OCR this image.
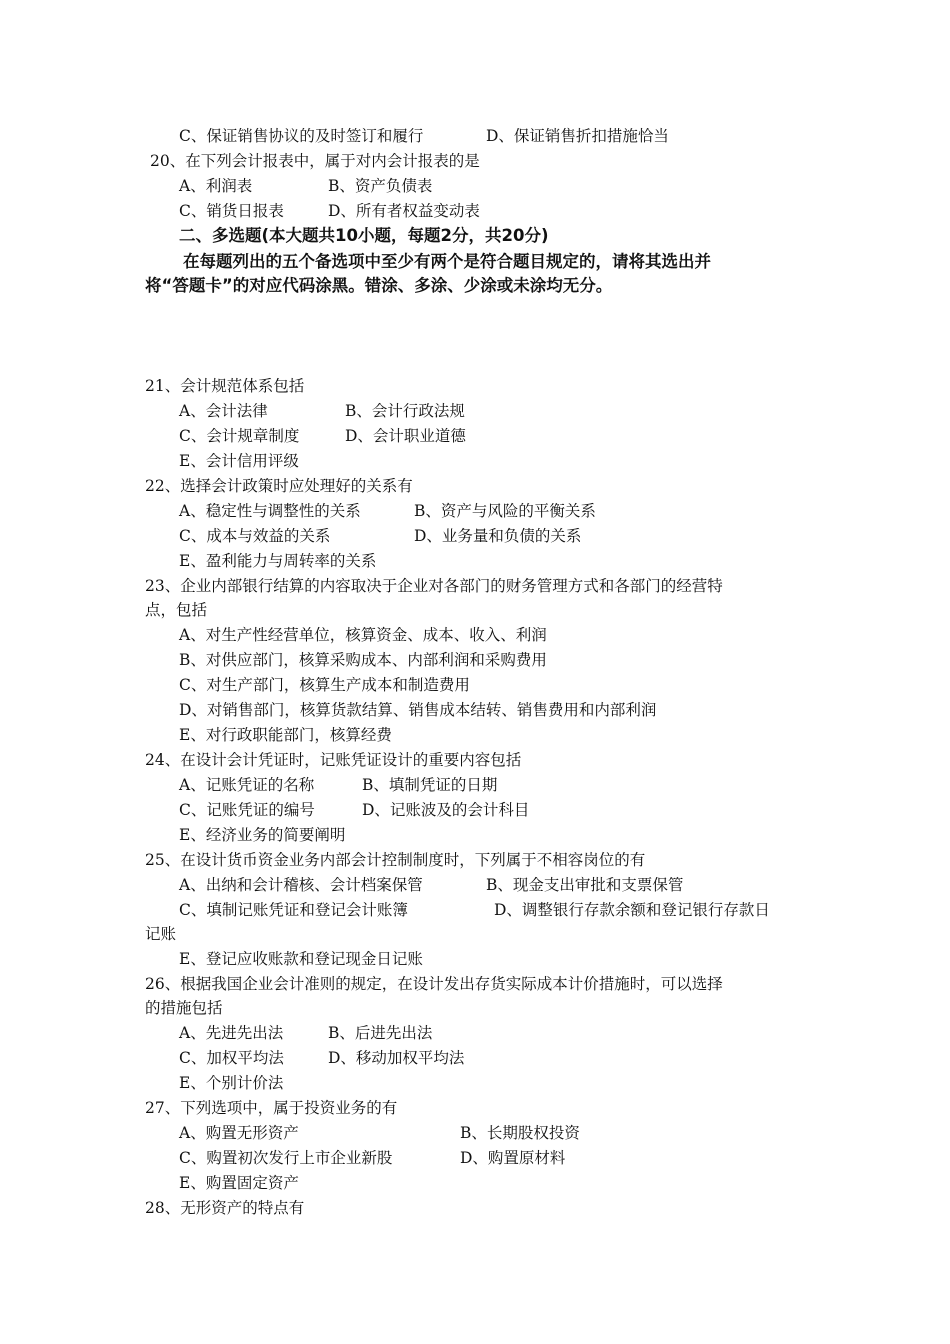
C、保证销售协议的及时签订和履行	D、保证销售折扣措施恰当
20、在下列会计报表中，属于对内会计报表的是
A、利润表	B、资产负债表
C、销货日报表	D、所有者权益变动表
二、多选题(本大题共10小题，每题2分，共20分)
在每题列出的五个备选项中至少有两个是符合题目规定的，请将其选出并
将“答题卡”的对应代码涂黑。错涂、多涂、少涂或未涂均无分。
21、会计规范体系包括
A、会计法律	B、会计行政法规
C、会计规章制度	D、会计职业道德
E、会计信用评级
22、选择会计政策时应处理好的关系有
A、稳定性与调整性的关系	B、资产与风险的平衡关系
C、成本与效益的关系	D、业务量和负债的关系
E、盈利能力与周转率的关系
23、企业内部银行结算的内容取决于企业对各部门的财务管理方式和各部门的经营特
点，包括
A、对生产性经营单位，核算资金、成本、收入、利润
B、对供应部门，核算采购成本、内部利润和采购费用
C、对生产部门，核算生产成本和制造费用
D、对销售部门，核算货款结算、销售成本结转、销售费用和内部利润
E、对行政职能部门，核算经费
24、在设计会计凭证时，记账凭证设计的重要内容包括
A、记账凭证的名称	B、填制凭证的日期
C、记账凭证的编号	D、记账波及的会计科目
E、经济业务的简要阐明
25、在设计货币资金业务内部会计控制制度时，下列属于不相容岗位的有
A、出纳和会计稽核、会计档案保管	B、现金支出审批和支票保管
C、填制记账凭证和登记会计账簿	D、调整银行存款余额和登记银行存款日
记账
E、登记应收账款和登记现金日记账
26、根据我国企业会计准则的规定，在设计发出存货实际成本计价措施时，可以选择
的措施包括
A、先进先出法	B、后进先出法
C、加权平均法	D、移动加权平均法
E、个别计价法
27、下列选项中，属于投资业务的有
A、购置无形资产	B、长期股权投资
C、购置初次发行上市企业新股	D、购置原材料
E、购置固定资产
28、无形资产的特点有
